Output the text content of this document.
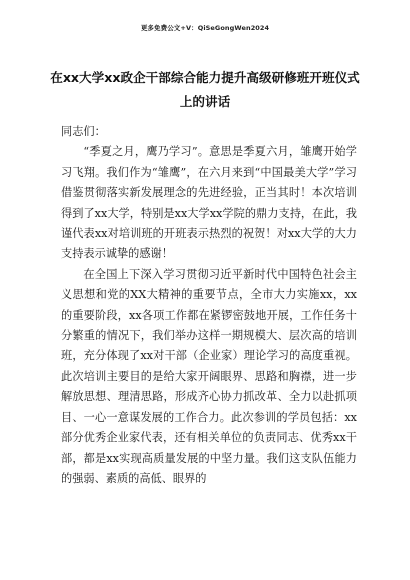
更多免费公文+V：QiSeGongWen2024
在xx大学xx政企干部综合能力提升高级研修班开班仪式上的讲话

同志们：

“季夏之月，鹰乃学习”。意思是季夏六月，雏鹰开始学习飞翔。我们作为“雏鹰”，在六月来到“中国最美大学”学习借鉴贯彻落实新发展理念的先进经验，正当其时！本次培训得到了xx大学，特别是xx大学xx学院的鼎力支持，在此，我谨代表xx对培训班的开班表示热烈的祝贺！对xx大学的大力支持表示诚挚的感谢！

在全国上下深入学习贯彻习近平新时代中国特色社会主义思想和党的XX大精神的重要节点，全市大力实施xx，xx的重要阶段，xx各项工作都在紧锣密鼓地开展，工作任务十分繁重的情况下，我们举办这样一期规模大、层次高的培训班，充分体现了xx对干部（企业家）理论学习的高度重视。此次培训主要目的是给大家开阔眼界、思路和胸襟，进一步解放思想、理清思路，形成齐心协力抓改革、全力以赴抓项目、一心一意谋发展的工作合力。此次参训的学员包括：xx部分优秀企业家代表，还有相关单位的负责同志、优秀xx干部，都是xx实现高质量发展的中坚力量。我们这支队伍能力的强弱、素质的高低、眼界的
